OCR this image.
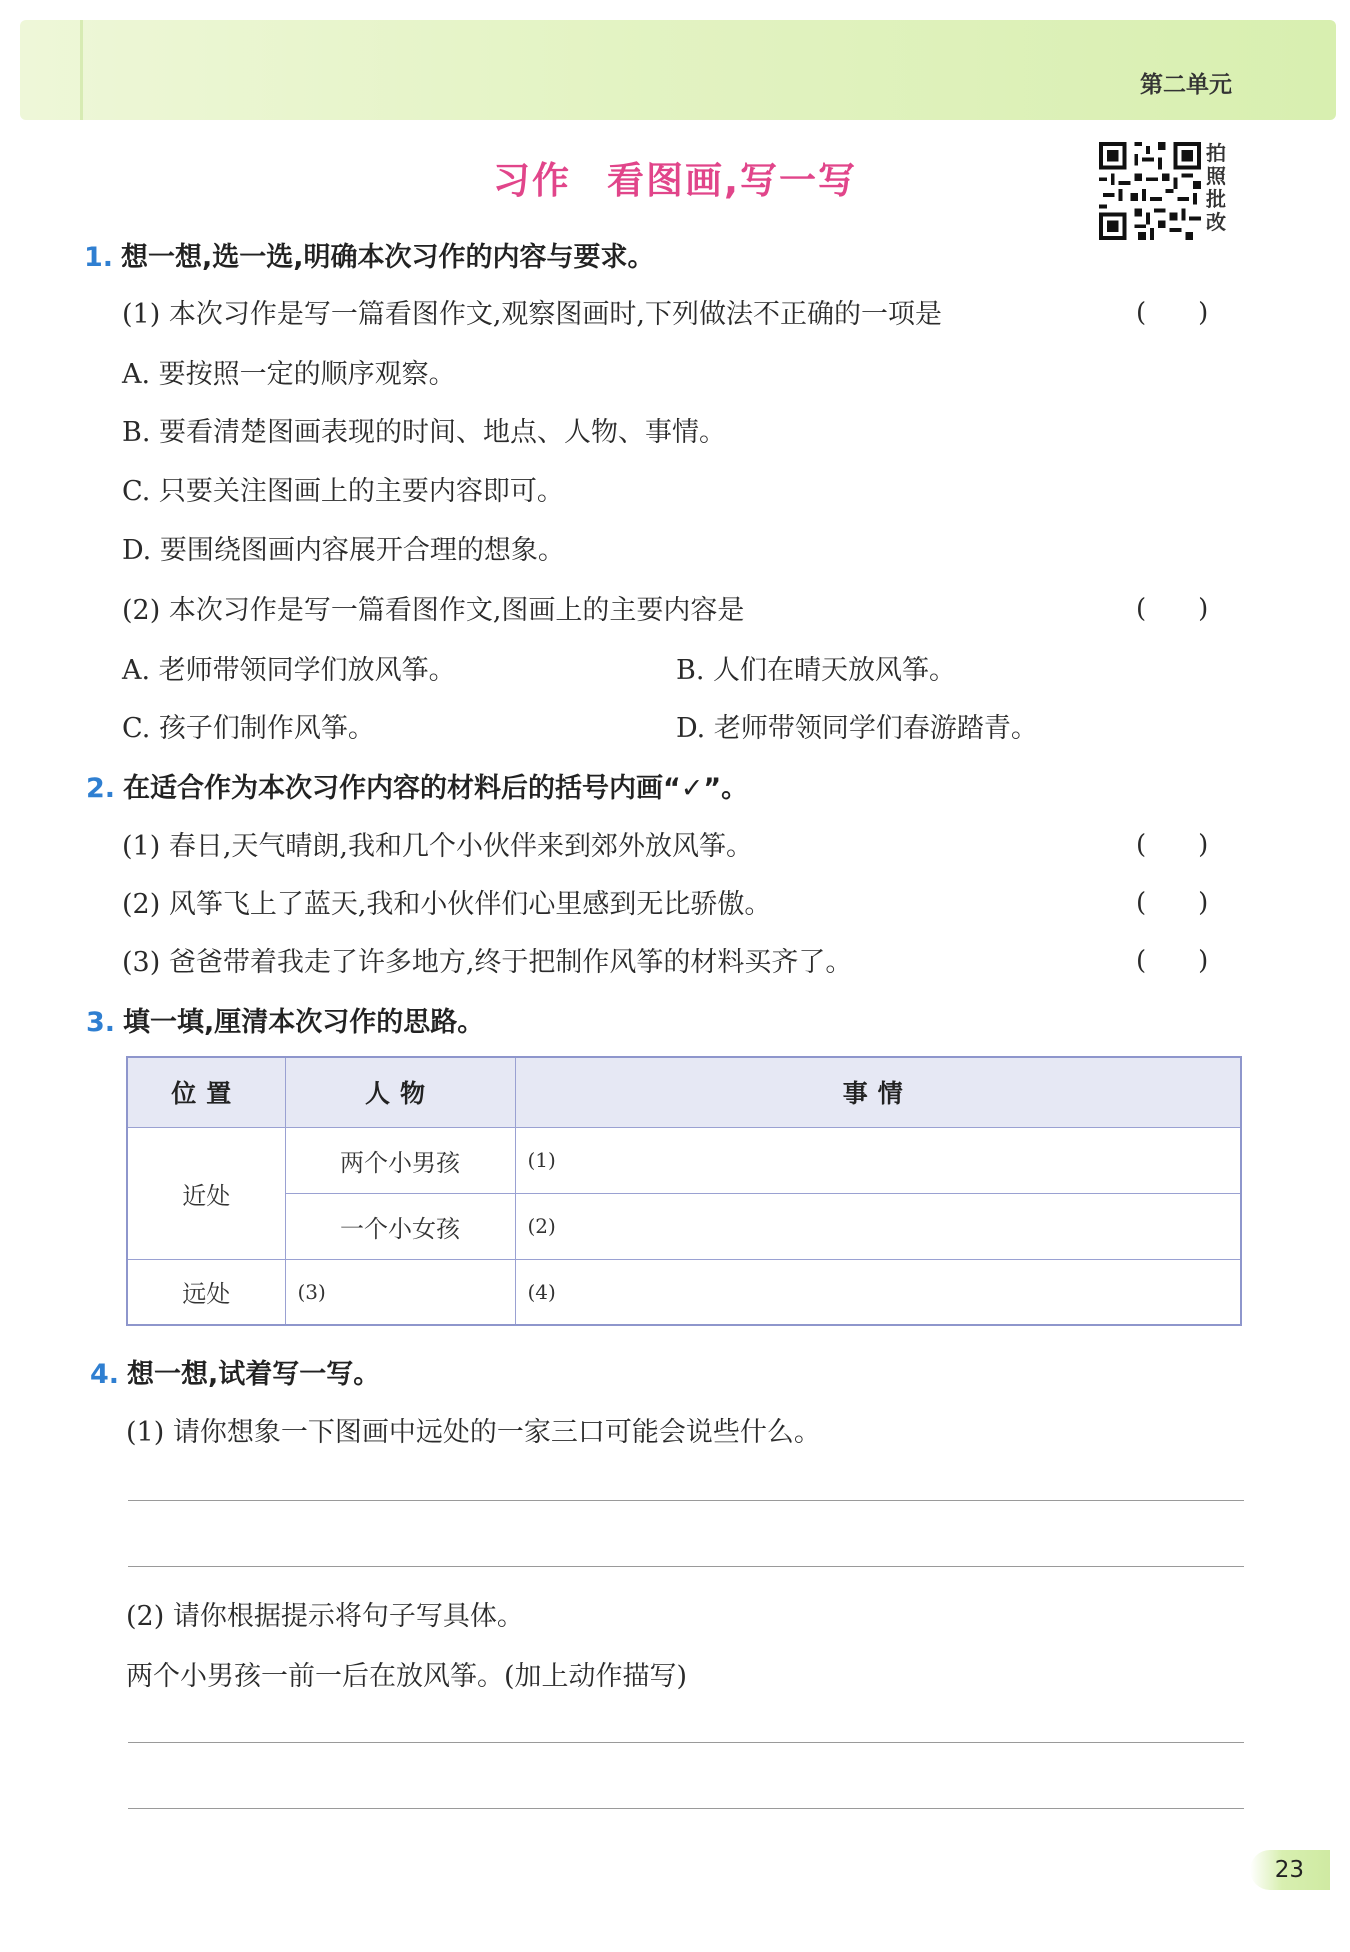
第二单元
习作 看图画,写一写
拍
照
批
改
1. 想一想,选一选,明确本次习作的内容与要求。
(1) 本次习作是写一篇看图作文,观察图画时,下列做法不正确的一项是	(　　)
A. 要按照一定的顺序观察。
B. 要看清楚图画表现的时间、地点、人物、事情。
C. 只要关注图画上的主要内容即可。
D. 要围绕图画内容展开合理的想象。
(2) 本次习作是写一篇看图作文,图画上的主要内容是	(　　)
A. 老师带领同学们放风筝。	B. 人们在晴天放风筝。
C. 孩子们制作风筝。	D. 老师带领同学们春游踏青。
2. 在适合作为本次习作内容的材料后的括号内画“✓”。
(1) 春日,天气晴朗,我和几个小伙伴来到郊外放风筝。	(　　)
(2) 风筝飞上了蓝天,我和小伙伴们心里感到无比骄傲。	(　　)
(3) 爸爸带着我走了许多地方,终于把制作风筝的材料买齐了。	(　　)
3. 填一填,厘清本次习作的思路。
位置	人物	事情
近处	两个小男孩	(1)
	一个小女孩	(2)
远处	(3)	(4)
4. 想一想,试着写一写。
(1) 请你想象一下图画中远处的一家三口可能会说些什么。
(2) 请你根据提示将句子写具体。
两个小男孩一前一后在放风筝。(加上动作描写)
23
